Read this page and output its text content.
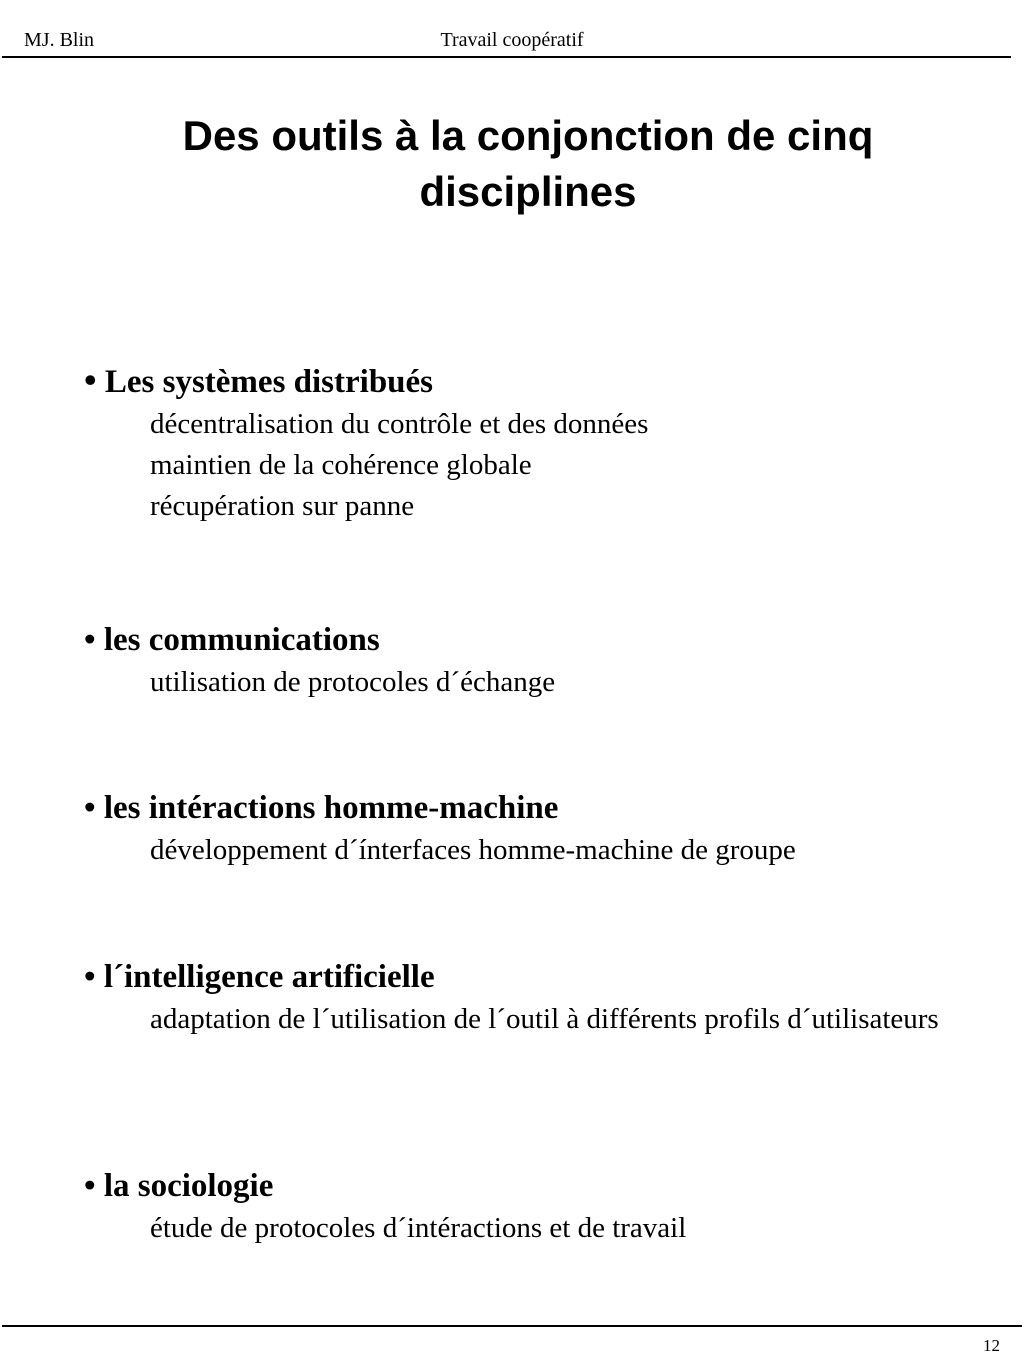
MJ. Blin	Travail coopératif
Des outils à la conjonction de cinq disciplines

• Les systèmes distribués

décentralisation du contrôle et des données
maintien de la cohérence globale
récupération sur panne

• les communications

utilisation de protocoles d´échange

• les intéractions homme-machine

développement d´ínterfaces homme-machine de groupe

• l´intelligence artificielle

adaptation de l´utilisation de l´outil à différents profils d´utilisateurs

• la sociologie

étude de protocoles d´intéractions et de travail
12
